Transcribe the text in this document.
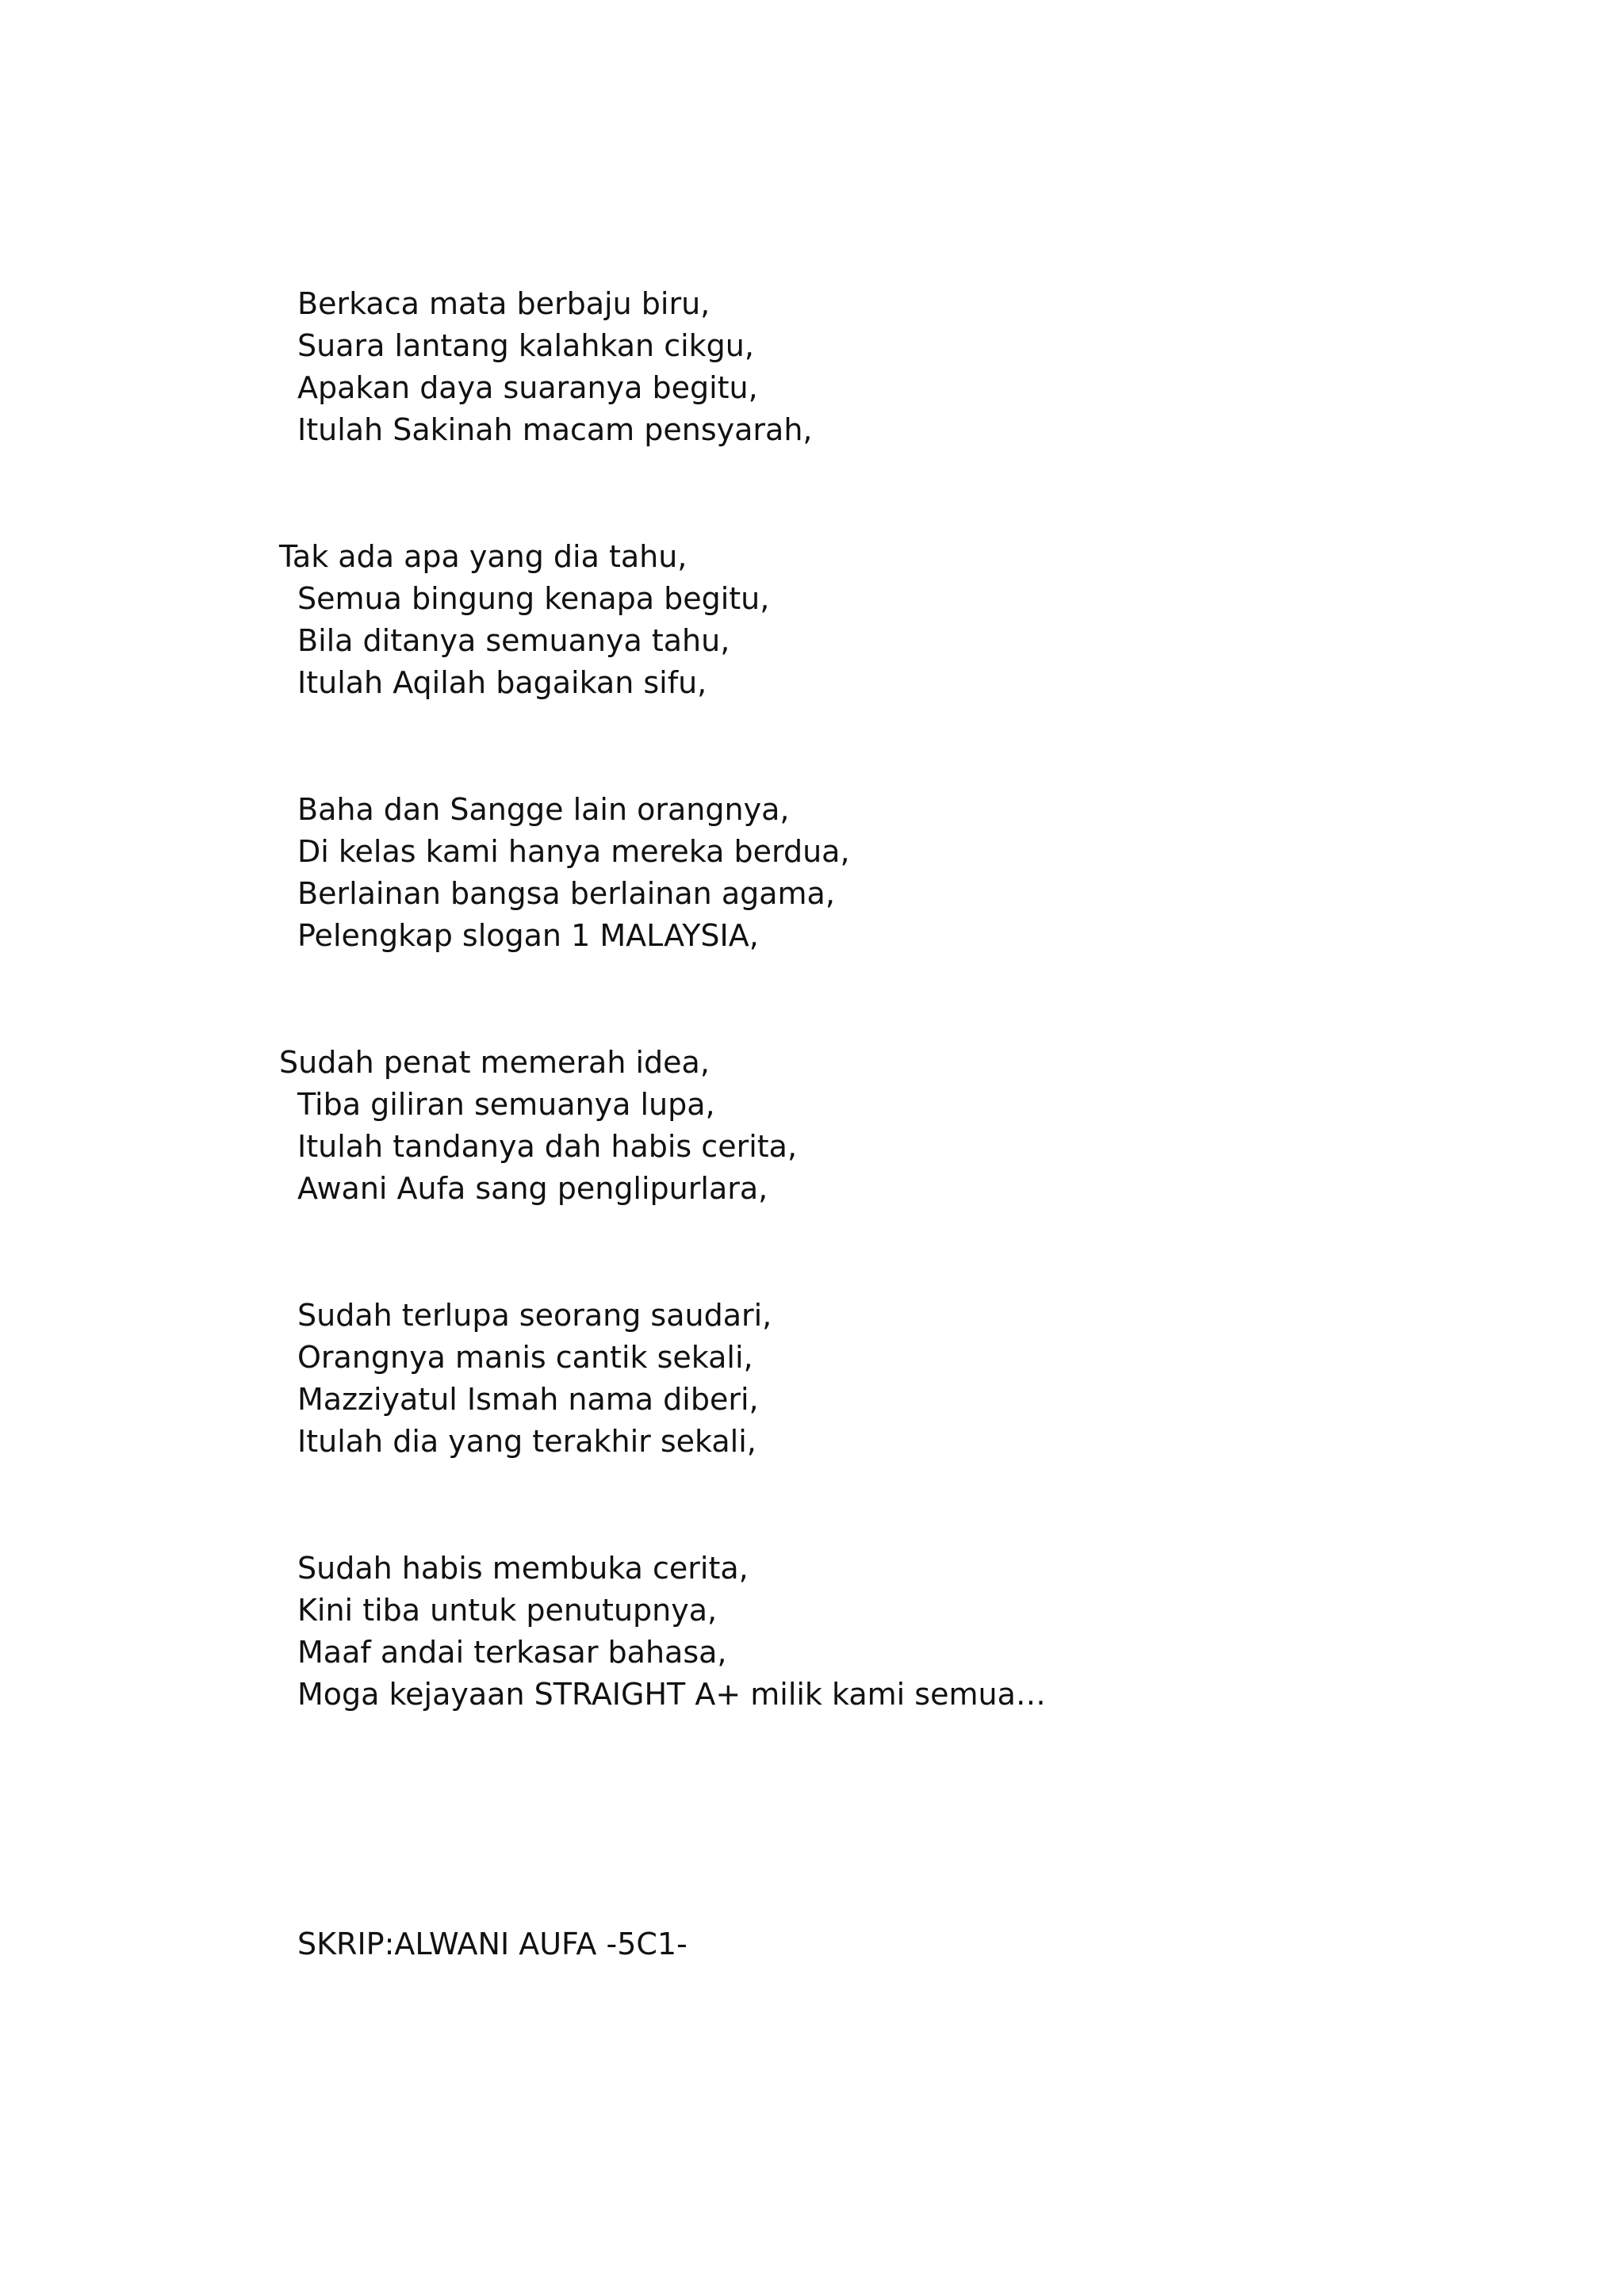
Berkaca mata berbaju biru,
Suara lantang kalahkan cikgu,
Apakan daya suaranya begitu,
Itulah Sakinah macam pensyarah,
Tak ada apa yang dia tahu,
Semua bingung kenapa begitu,
Bila ditanya semuanya tahu,
Itulah Aqilah bagaikan sifu,
Baha dan Sangge lain orangnya,
Di kelas kami hanya mereka berdua,
Berlainan bangsa berlainan agama,
Pelengkap slogan 1 MALAYSIA,
Sudah penat memerah idea,
Tiba giliran semuanya lupa,
Itulah tandanya dah habis cerita,
Awani Aufa sang penglipurlara,
Sudah terlupa seorang saudari,
Orangnya manis cantik sekali,
Mazziyatul Ismah nama diberi,
Itulah dia yang terakhir sekali,
Sudah habis membuka cerita,
Kini tiba untuk penutupnya,
Maaf andai terkasar bahasa,
Moga kejayaan STRAIGHT A+ milik kami semua…
SKRIP:ALWANI AUFA -5C1-
